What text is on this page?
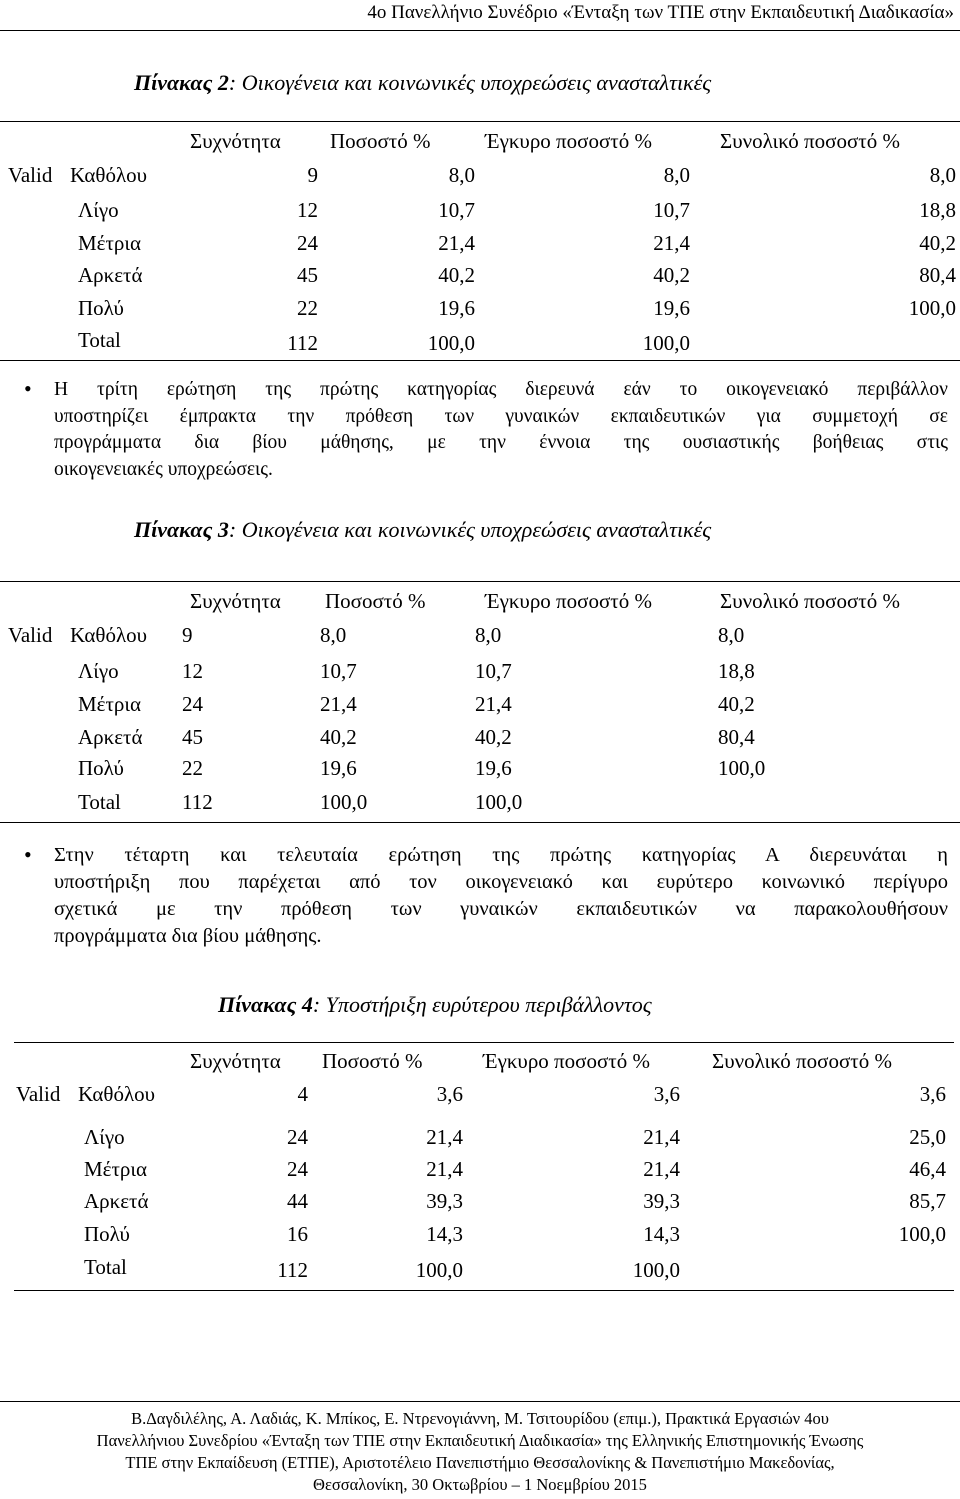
4ο Πανελλήνιο Συνέδριο «Ένταξη των ΤΠΕ στην Εκπαιδευτική Διαδικασία»
Πίνακας 2: Οικογένεια και κοινωνικές υποχρεώσεις ανασταλτικές
Συχνότητα Ποσοστό %	Έγκυρο ποσοστό %	Συνολικό ποσοστό %
Valid Καθόλου	9	8,0	8,0	8,0
Λίγο	12	10,7	10,7	18,8
Μέτρια	24	21,4	21,4	40,2
Αρκετά	45	40,2	40,2	80,4
Πολύ	22	19,6	19,6	100,0
Total	112	100,0	100,0
• Η τρίτη ερώτηση της πρώτης κατηγορίας διερευνά εάν το οικογενειακό περιβάλλον
υποστηρίζει έμπρακτα την πρόθεση των γυναικών εκπαιδευτικών για συμμετοχή σε
προγράμματα δια βίου μάθησης, με την έννοια της ουσιαστικής βοήθειας στις
οικογενειακές υποχρεώσεις.
Πίνακας 3: Οικογένεια και κοινωνικές υποχρεώσεις ανασταλτικές
Συχνότητα Ποσοστό %	Έγκυρο ποσοστό %	Συνολικό ποσοστό %
Valid Καθόλου 9	8,0	8,0	8,0
Λίγο	12	10,7	10,7	18,8
Μέτρια 24	21,4	21,4	40,2
Αρκετά 45	40,2	40,2	80,4
Πολύ	22	19,6	19,6	100,0
Total	112	100,0	100,0
• Στην τέταρτη και τελευταία ερώτηση της πρώτης κατηγορίας Α διερευνάται η
υποστήριξη που παρέχεται από τον οικογενειακό και ευρύτερο κοινωνικό περίγυρο
σχετικά με την πρόθεση των γυναικών εκπαιδευτικών να παρακολουθήσουν
προγράμματα δια βίου μάθησης.
Πίνακας 4: Υποστήριξη ευρύτερου περιβάλλοντος
Συχνότητα Ποσοστό %	Έγκυρο ποσοστό %	Συνολικό ποσοστό %
Valid Καθόλου	4	3,6	3,6	3,6
Λίγο	24	21,4	21,4	25,0
Μέτρια	24	21,4	21,4	46,4
Αρκετά	44	39,3	39,3	85,7
Πολύ	16	14,3	14,3	100,0
Total	112	100,0	100,0
Β.Δαγδιλέλης, Α. Λαδιάς, Κ. Μπίκος, Ε. Ντρενογιάννη, Μ. Τσιτουρίδου (επιμ.), Πρακτικά Εργασιών 4ου
Πανελλήνιου Συνεδρίου «Ένταξη των ΤΠΕ στην Εκπαιδευτική Διαδικασία» της Ελληνικής Επιστημονικής Ένωσης
ΤΠΕ στην Εκπαίδευση (ΕΤΠΕ), Αριστοτέλειο Πανεπιστήμιο Θεσσαλονίκης & Πανεπιστήμιο Μακεδονίας,
Θεσσαλονίκη, 30 Οκτωβρίου – 1 Νοεμβρίου 2015
